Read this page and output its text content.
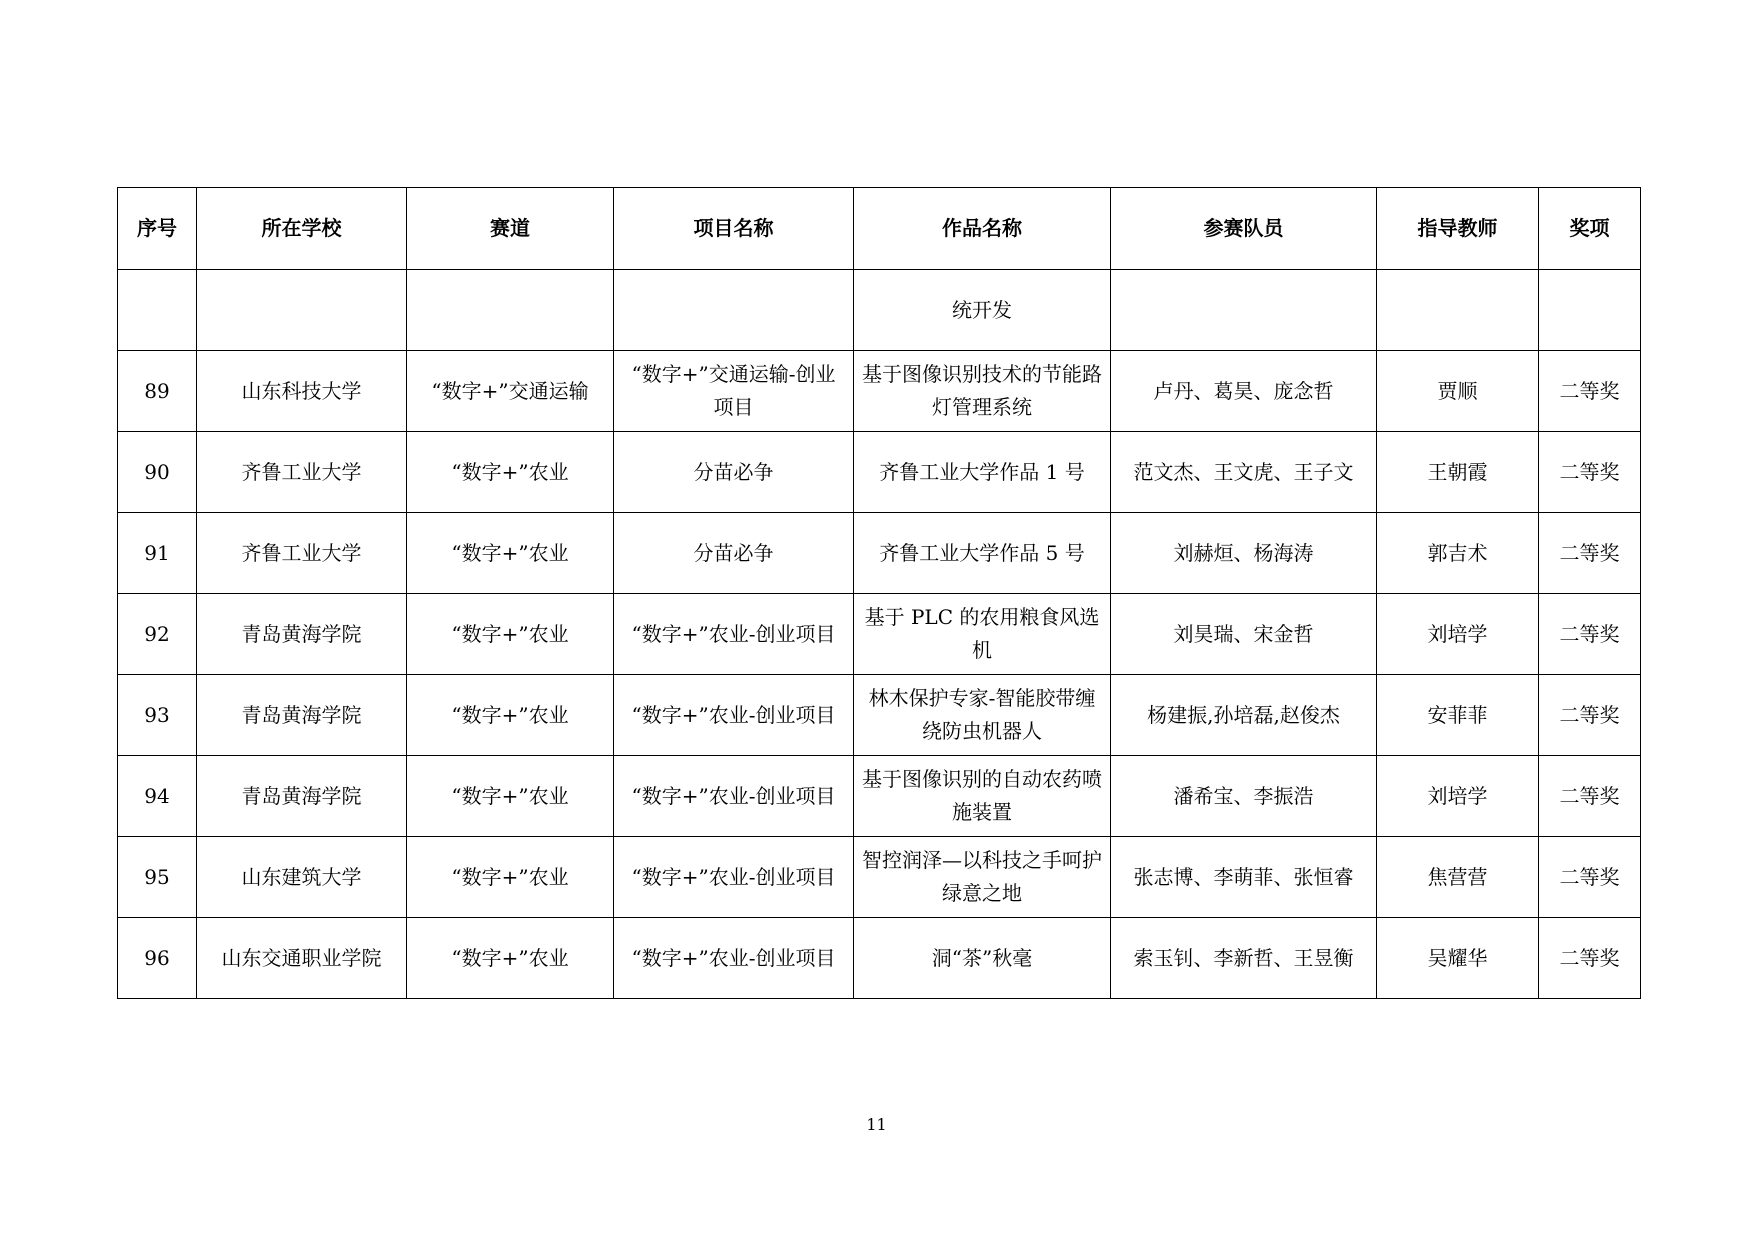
序号	所在学校	赛道	项目名称	作品名称	参赛队员	指导教师	奖项
				统开发			
89	山东科技大学	“数字+”交通运输	“数字+”交通运输-创业项目	基于图像识别技术的节能路灯管理系统	卢丹、葛昊、庞念哲	贾顺	二等奖
90	齐鲁工业大学	“数字+”农业	分苗必争	齐鲁工业大学作品 1 号	范文杰、王文虎、王子文	王朝霞	二等奖
91	齐鲁工业大学	“数字+”农业	分苗必争	齐鲁工业大学作品 5 号	刘赫烜、杨海涛	郭吉术	二等奖
92	青岛黄海学院	“数字+”农业	“数字+”农业-创业项目	基于 PLC 的农用粮食风选机	刘昊瑞、宋金哲	刘培学	二等奖
93	青岛黄海学院	“数字+”农业	“数字+”农业-创业项目	林木保护专家-智能胶带缠绕防虫机器人	杨建振,孙培磊,赵俊杰	安菲菲	二等奖
94	青岛黄海学院	“数字+”农业	“数字+”农业-创业项目	基于图像识别的自动农药喷施装置	潘希宝、李振浩	刘培学	二等奖
95	山东建筑大学	“数字+”农业	“数字+”农业-创业项目	智控润泽—以科技之手呵护绿意之地	张志博、李萌菲、张恒睿	焦营营	二等奖
96	山东交通职业学院	“数字+”农业	“数字+”农业-创业项目	洞“茶”秋毫	索玉钊、李新哲、王昱衡	吴耀华	二等奖
11
